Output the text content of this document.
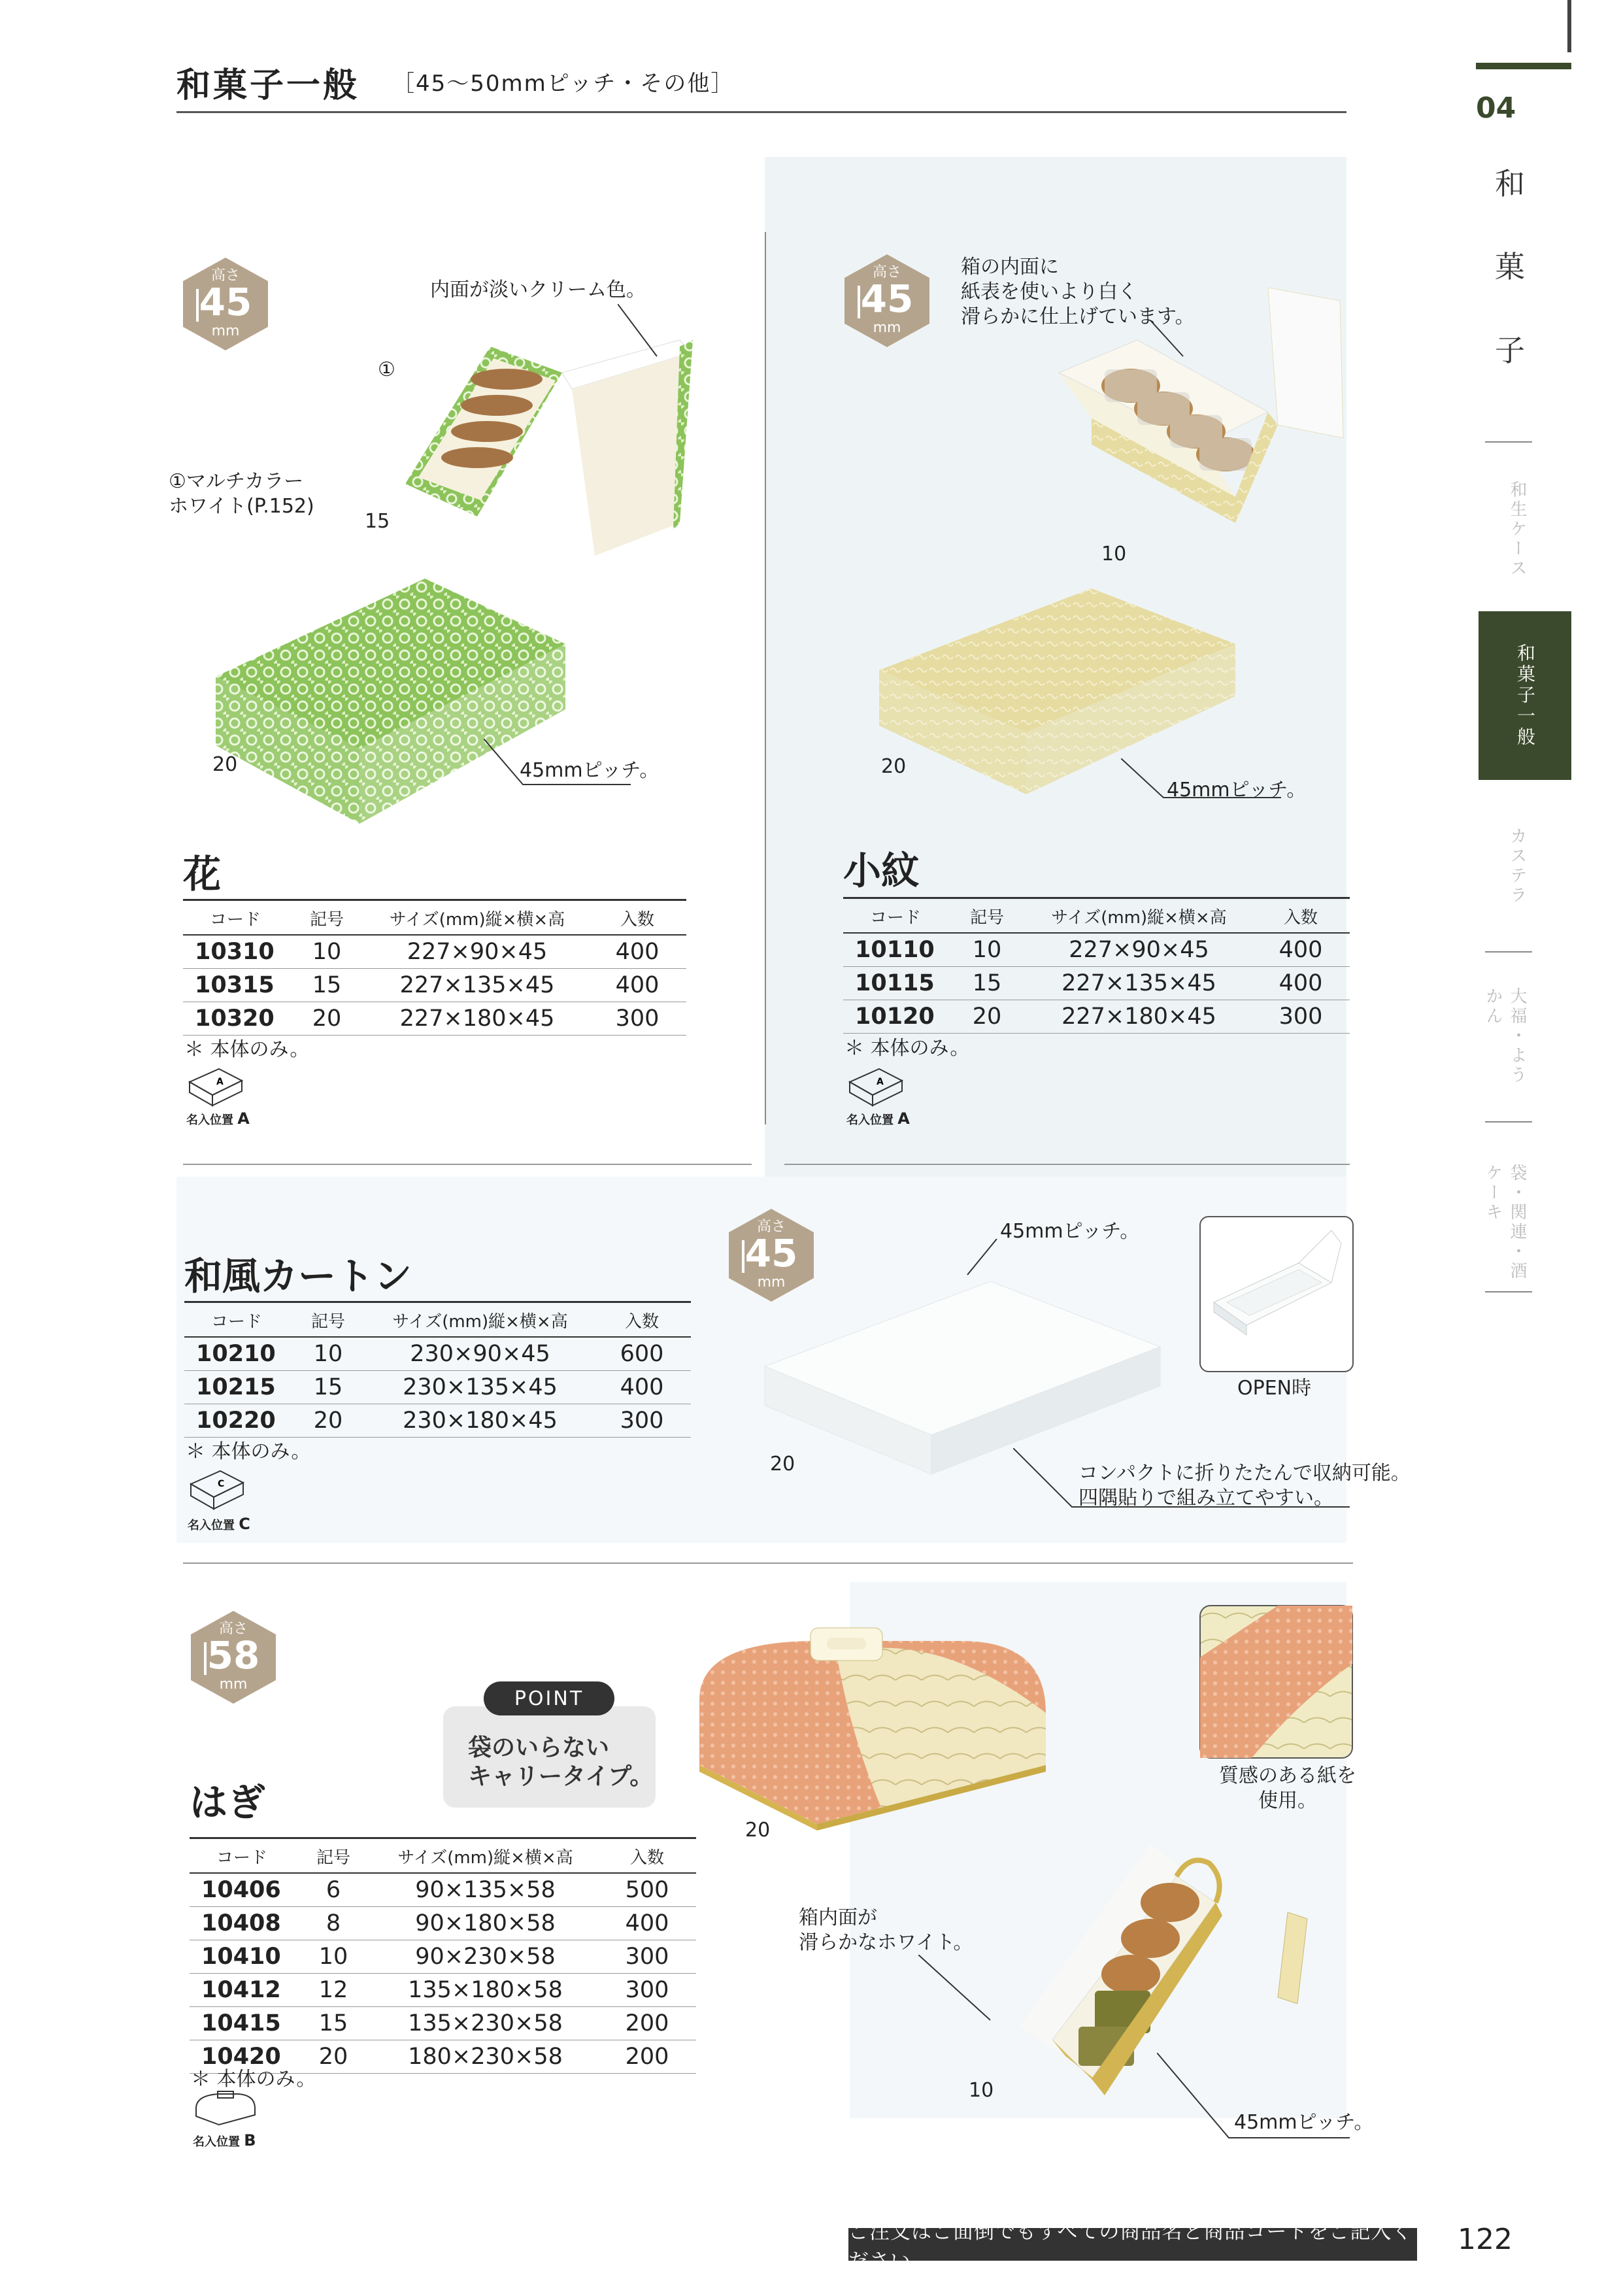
和菓子一般 ［45〜50mmピッチ・その他］
04
和
菓
子
和生ケース
和菓子一般
カステラ
大福・ようかん
袋・関連・酒ケーキ
高さ
45
mm
内面が淡いクリーム色。
①
①マルチカラー
ホワイト(P.152)
15
20	45mmピッチ。
花
コード	記号	サイズ(mm)縦×横×高	入数
10310	10	227×90×45	400
10315	15	227×135×45	400
10320	20	227×180×45	300
＊ 本体のみ。
A
名入位置 A
高さ
45
mm
箱の内面に
紙表を使いより白く
滑らかに仕上げています。
10
20
45mmピッチ。
小紋
コード	記号	サイズ(mm)縦×横×高	入数
10110	10	227×90×45	400
10115	15	227×135×45	400
10120	20	227×180×45	300
＊ 本体のみ。
A
名入位置 A
和風カートン
コード	記号	サイズ(mm)縦×横×高	入数
10210	10	230×90×45	600
10215	15	230×135×45	400
10220	20	230×180×45	300
＊ 本体のみ。
C
名入位置 C
高さ
45
mm
45mmピッチ。
20
OPEN時
コンパクトに折りたたんで収納可能。
四隅貼りで組み立てやすい。
高さ
58
mm
POINT
袋のいらない
キャリータイプ。
20
質感のある紙を
使用。
箱内面が
滑らかなホワイト。
10
45mmピッチ。
はぎ
コード	記号	サイズ(mm)縦×横×高	入数
10406	6	90×135×58	500
10408	8	90×180×58	400
10410	10	90×230×58	300
10412	12	135×180×58	300
10415	15	135×230×58	200
10420	20	180×230×58	200
＊ 本体のみ。
名入位置 B
ご注文はご面倒でもすべての商品名と商品コードをご記入ください。
122
